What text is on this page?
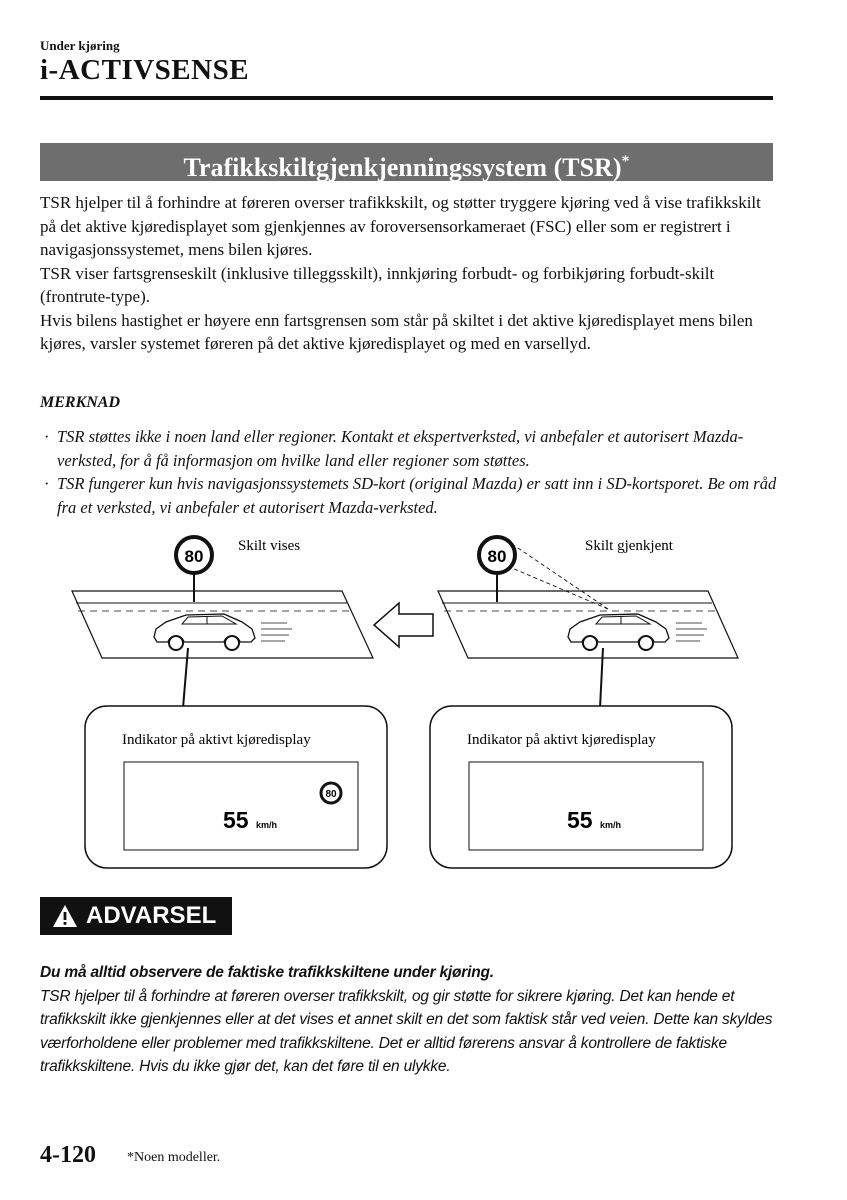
Under kjøring
i-ACTIVSENSE
Trafikkskiltgjenkjenningssystem (TSR)*

TSR hjelper til å forhindre at føreren overser trafikkskilt, og støtter tryggere kjøring ved å vise trafikkskilt på det aktive kjøredisplayet som gjenkjennes av foroversensorkameraet (FSC) eller som er registrert i navigasjonssystemet, mens bilen kjøres.

TSR viser fartsgrenseskilt (inklusive tilleggsskilt), innkjøring forbudt- og forbikjøring forbudt-skilt (frontrute-type).

Hvis bilens hastighet er høyere enn fartsgrensen som står på skiltet i det aktive kjøredisplayet mens bilen kjøres, varsler systemet føreren på det aktive kjøredisplayet og med en varsellyd.

MERKNAD

· TSR støttes ikke i noen land eller regioner. Kontakt et ekspertverksted, vi anbefaler et autorisert Mazda-verksted, for å få informasjon om hvilke land eller regioner som støttes.

· TSR fungerer kun hvis navigasjonssystemets SD-kort (original Mazda) er satt inn i SD-kortsporet. Be om råd fra et verksted, vi anbefaler et autorisert Mazda-verksted.

80
Skilt vises
Indikator på aktivt kjøredisplay
80
55 km/h
80
Skilt gjenkjent
Indikator på aktivt kjøredisplay
55 km/h
ADVARSEL

Du må alltid observere de faktiske trafikkskiltene under kjøring.

TSR hjelper til å forhindre at føreren overser trafikkskilt, og gir støtte for sikrere kjøring. Det kan hende et trafikkskilt ikke gjenkjennes eller at det vises et annet skilt en det som faktisk står ved veien. Dette kan skyldes værforholdene eller problemer med trafikkskiltene. Det er alltid førerens ansvar å kontrollere de faktiske trafikkskiltene. Hvis du ikke gjør det, kan det føre til en ulykke.

4-120 *Noen modeller.
